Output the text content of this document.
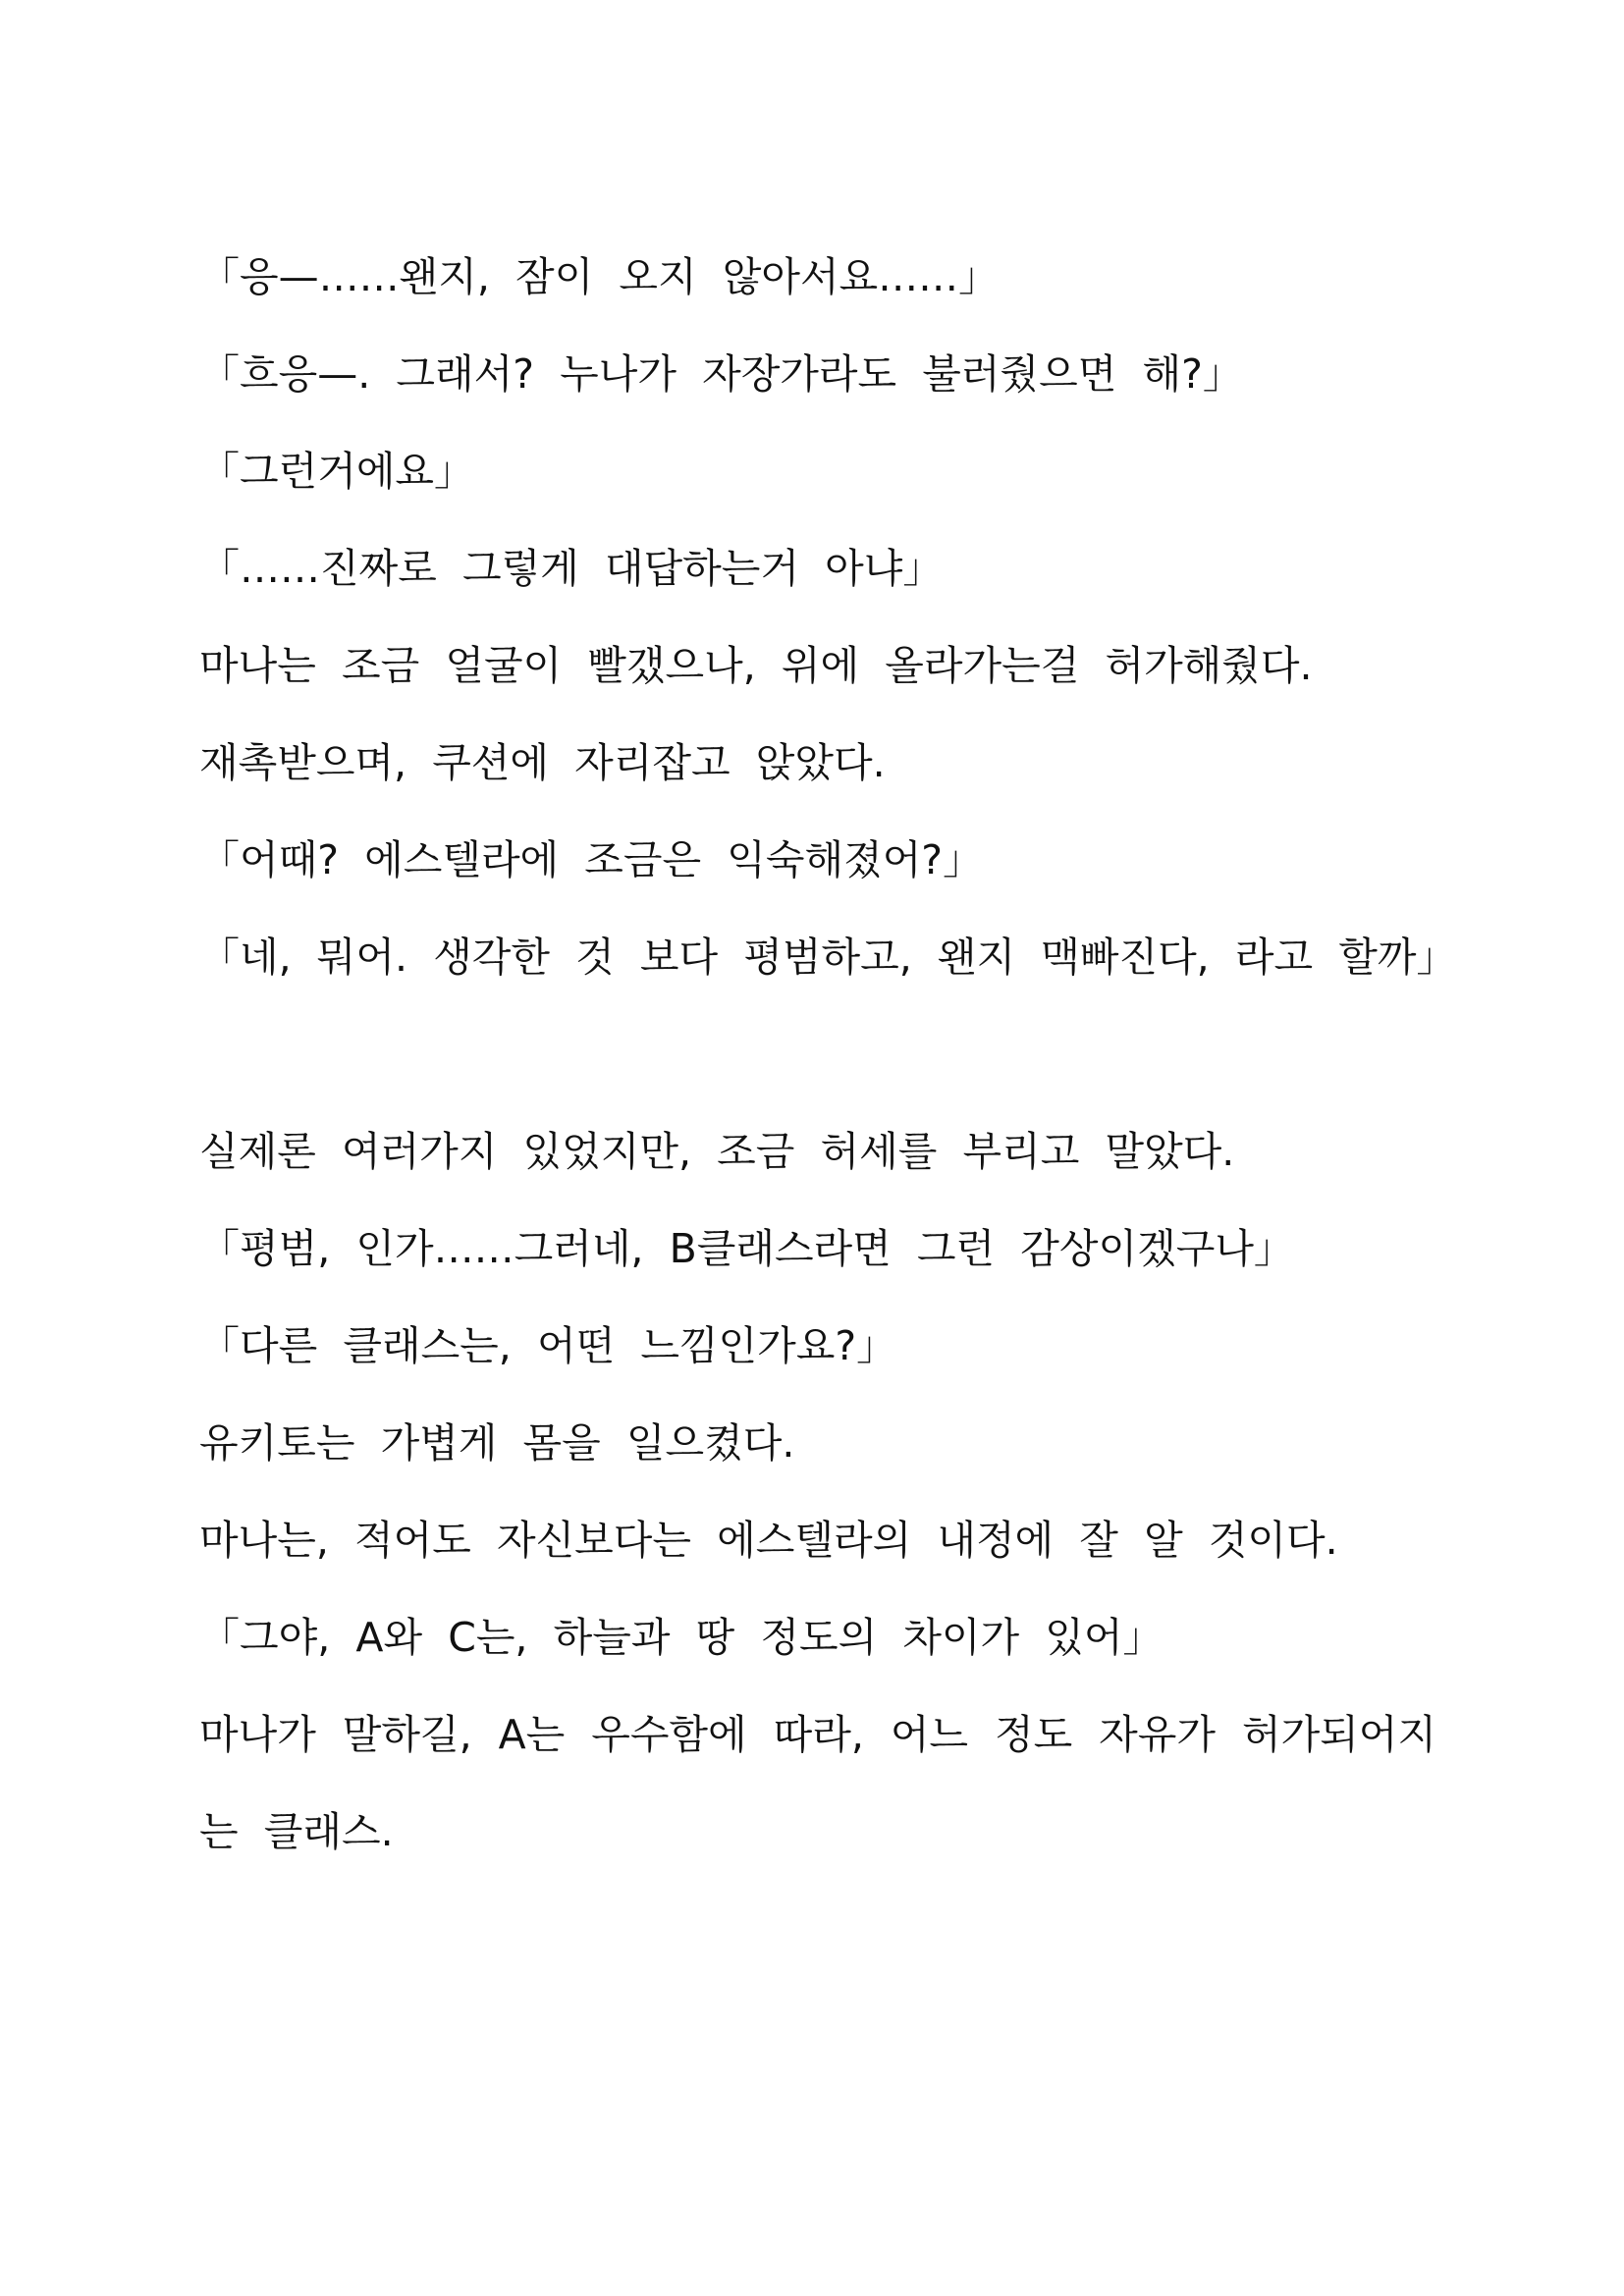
「응—……왠지, 잠이 오지 않아서요……」

「흐응—. 그래서? 누나가 자장가라도 불러줬으면 해?」

「그런거에요」

「……진짜로 그렇게 대답하는거 아냐」

마나는 조금 얼굴이 빨갰으나, 위에 올라가는걸 허가해줬다.

재촉받으며, 쿠션에 자리잡고 앉았다.

「어때? 에스텔라에 조금은 익숙해졌어?」

「네, 뭐어. 생각한 것 보다 평범하고, 왠지 맥빠진다, 라고 할까」

실제론 여러가지 있었지만, 조금 허세를 부리고 말았다.

「평범, 인가……그러네, B클래스라면 그런 감상이겠구나」

「다른 클래스는, 어떤 느낌인가요?」

유키토는 가볍게 몸을 일으켰다.

마나는, 적어도 자신보다는 에스텔라의 내정에 잘 알 것이다.

「그야, A와 C는, 하늘과 땅 정도의 차이가 있어」

마나가 말하길, A는 우수함에 따라, 어느 정도 자유가 허가되어지는 클래스.
